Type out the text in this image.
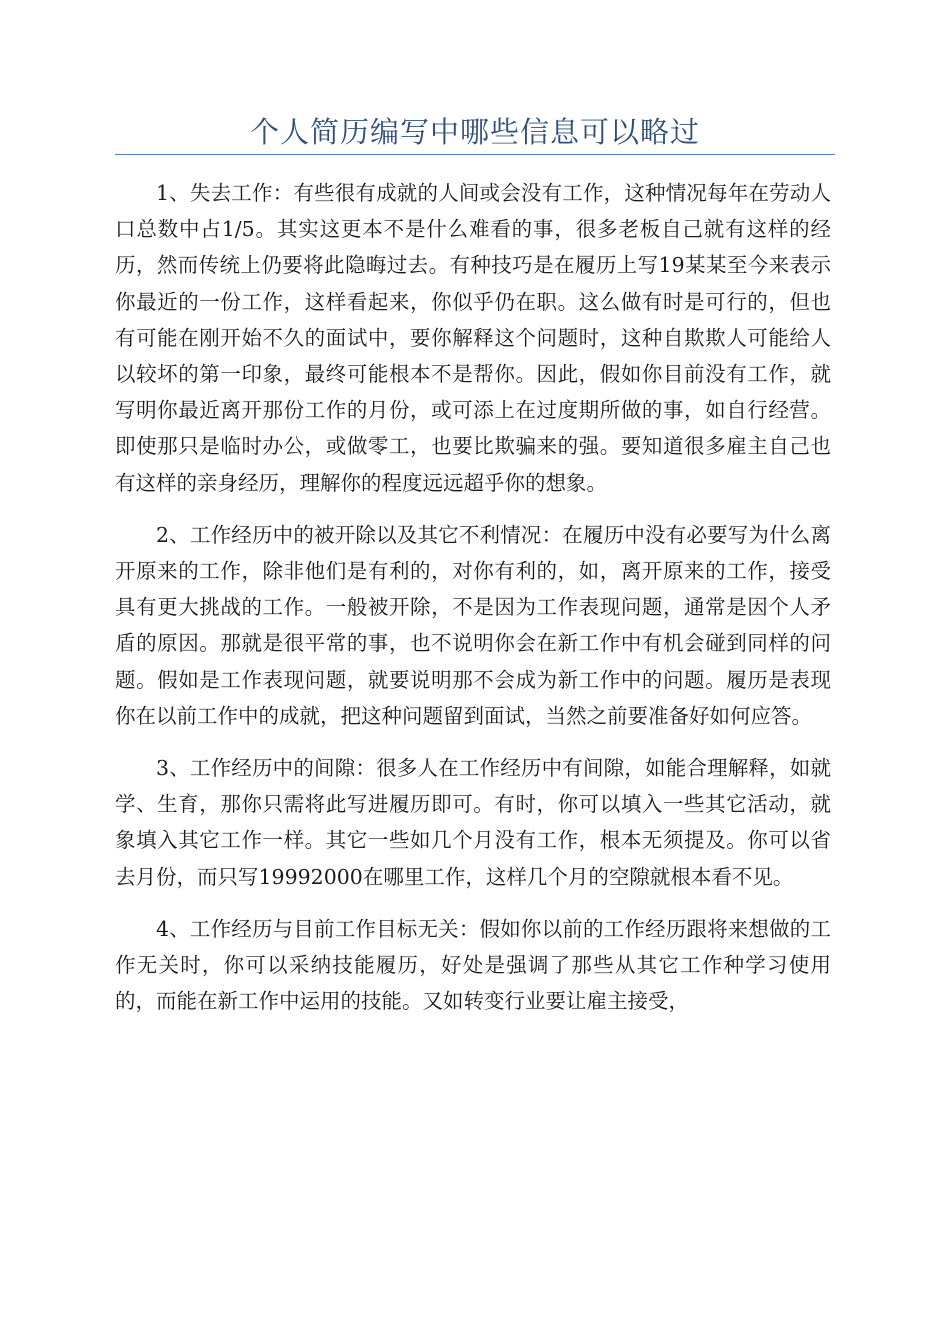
个人简历编写中哪些信息可以略过

1、失去工作：有些很有成就的人间或会没有工作，这种情况每年在劳动人口总数中占1/5。其实这更本不是什么难看的事，很多老板自己就有这样的经历，然而传统上仍要将此隐晦过去。有种技巧是在履历上写19某某至今来表示你最近的一份工作，这样看起来，你似乎仍在职。这么做有时是可行的，但也有可能在刚开始不久的面试中，要你解释这个问题时，这种自欺欺人可能给人以较坏的第一印象，最终可能根本不是帮你。因此，假如你目前没有工作，就写明你最近离开那份工作的月份，或可添上在过度期所做的事，如自行经营。即使那只是临时办公，或做零工，也要比欺骗来的强。要知道很多雇主自己也有这样的亲身经历，理解你的程度远远超乎你的想象。

2、工作经历中的被开除以及其它不利情况：在履历中没有必要写为什么离开原来的工作，除非他们是有利的，对你有利的，如，离开原来的工作，接受具有更大挑战的工作。一般被开除，不是因为工作表现问题，通常是因个人矛盾的原因。那就是很平常的事，也不说明你会在新工作中有机会碰到同样的问题。假如是工作表现问题，就要说明那不会成为新工作中的问题。履历是表现你在以前工作中的成就，把这种问题留到面试，当然之前要准备好如何应答。

3、工作经历中的间隙：很多人在工作经历中有间隙，如能合理解释，如就学、生育，那你只需将此写进履历即可。有时，你可以填入一些其它活动，就象填入其它工作一样。其它一些如几个月没有工作，根本无须提及。你可以省去月份，而只写19992000在哪里工作，这样几个月的空隙就根本看不见。

4、工作经历与目前工作目标无关：假如你以前的工作经历跟将来想做的工作无关时，你可以采纳技能履历，好处是强调了那些从其它工作种学习使用的，而能在新工作中运用的技能。又如转变行业要让雇主接受，
